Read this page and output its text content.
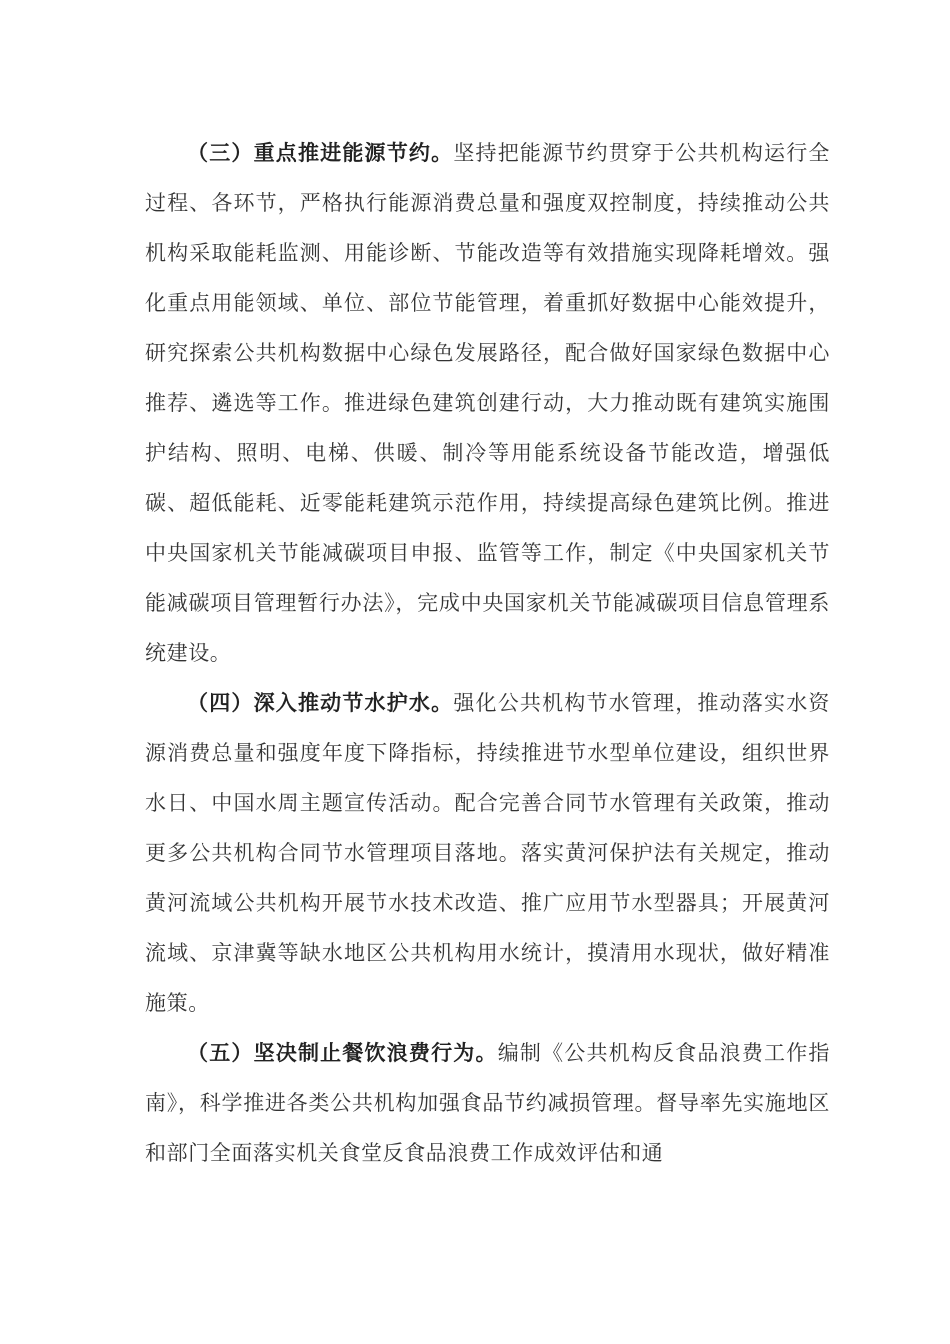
（三）重点推进能源节约。坚持把能源节约贯穿于公共机构运行全过程、各环节，严格执行能源消费总量和强度双控制度，持续推动公共机构采取能耗监测、用能诊断、节能改造等有效措施实现降耗增效。强化重点用能领域、单位、部位节能管理，着重抓好数据中心能效提升，研究探索公共机构数据中心绿色发展路径，配合做好国家绿色数据中心推荐、遴选等工作。推进绿色建筑创建行动，大力推动既有建筑实施围护结构、照明、电梯、供暖、制冷等用能系统设备节能改造，增强低碳、超低能耗、近零能耗建筑示范作用，持续提高绿色建筑比例。推进中央国家机关节能减碳项目申报、监管等工作，制定《中央国家机关节能减碳项目管理暂行办法》，完成中央国家机关节能减碳项目信息管理系统建设。

（四）深入推动节水护水。强化公共机构节水管理，推动落实水资源消费总量和强度年度下降指标，持续推进节水型单位建设，组织世界水日、中国水周主题宣传活动。配合完善合同节水管理有关政策，推动更多公共机构合同节水管理项目落地。落实黄河保护法有关规定，推动黄河流域公共机构开展节水技术改造、推广应用节水型器具；开展黄河流域、京津冀等缺水地区公共机构用水统计，摸清用水现状，做好精准施策。

（五）坚决制止餐饮浪费行为。编制《公共机构反食品浪费工作指南》，科学推进各类公共机构加强食品节约减损管理。督导率先实施地区和部门全面落实机关食堂反食品浪费工作成效评估和通
